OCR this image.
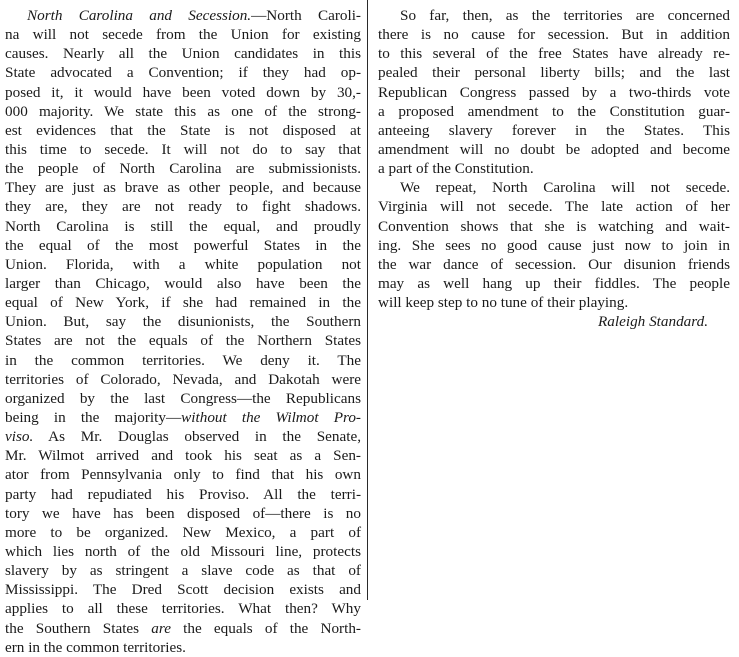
North Carolina and Secession.—North Caroli-
na will not secede from the Union for existing
causes. Nearly all the Union candidates in this
State advocated a Convention; if they had op-
posed it, it would have been voted down by 30,-
000 majority. We state this as one of the strong-
est evidences that the State is not disposed at
this time to secede. It will not do to say that
the people of North Carolina are submissionists.
They are just as brave as other people, and because
they are, they are not ready to fight shadows.
North Carolina is still the equal, and proudly
the equal of the most powerful States in the
Union. Florida, with a white population not
larger than Chicago, would also have been the
equal of New York, if she had remained in the
Union. But, say the disunionists, the Southern
States are not the equals of the Northern States
in the common territories. We deny it. The
territories of Colorado, Nevada, and Dakotah were
organized by the last Congress—the Republicans
being in the majority—without the Wilmot Pro-
viso. As Mr. Douglas observed in the Senate,
Mr. Wilmot arrived and took his seat as a Sen-
ator from Pennsylvania only to find that his own
party had repudiated his Proviso. All the terri-
tory we have has been disposed of—there is no
more to be organized. New Mexico, a part of
which lies north of the old Missouri line, protects
slavery by as stringent a slave code as that of
Mississippi. The Dred Scott decision exists and
applies to all these territories. What then? Why
the Southern States are the equals of the North-
ern in the common territories.
So far, then, as the territories are concerned
there is no cause for secession. But in addition
to this several of the free States have already re-
pealed their personal liberty bills; and the last
Republican Congress passed by a two-thirds vote
a proposed amendment to the Constitution guar-
anteeing slavery forever in the States. This
amendment will no doubt be adopted and become
a part of the Constitution.
We repeat, North Carolina will not secede.
Virginia will not secede. The late action of her
Convention shows that she is watching and wait-
ing. She sees no good cause just now to join in
the war dance of secession. Our disunion friends
may as well hang up their fiddles. The people
will keep step to no tune of their playing.
Raleigh Standard.
